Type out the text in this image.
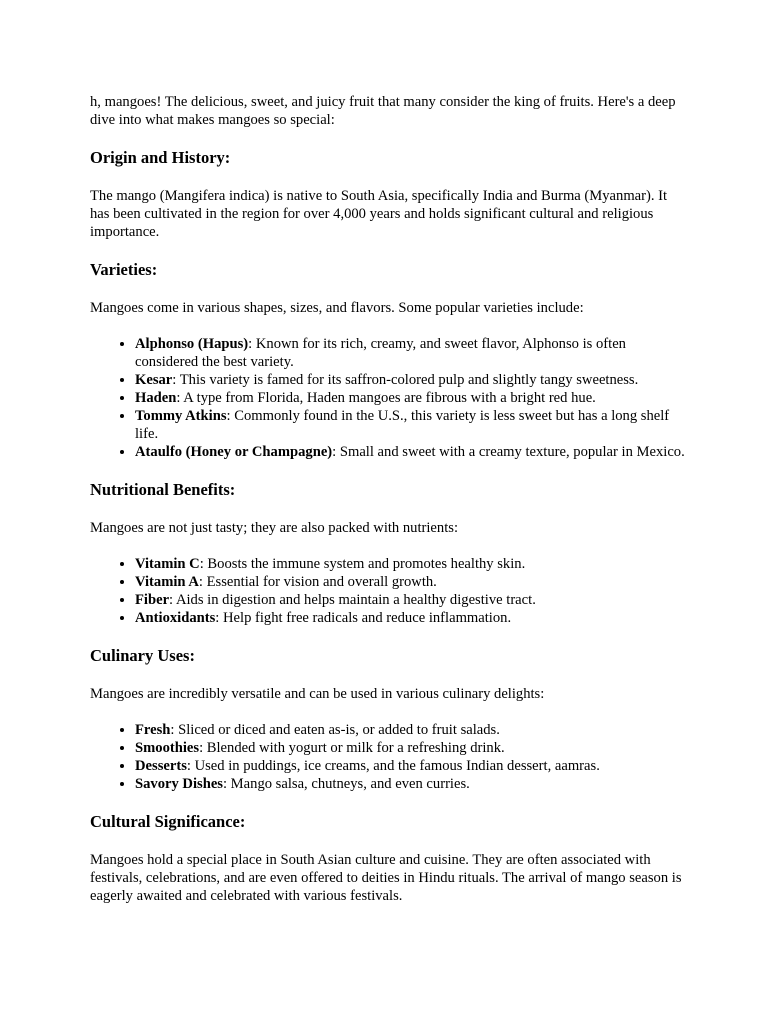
h, mangoes! The delicious, sweet, and juicy fruit that many consider the king of fruits. Here's a deep dive into what makes mangoes so special:

Origin and History:

The mango (Mangifera indica) is native to South Asia, specifically India and Burma (Myanmar). It has been cultivated in the region for over 4,000 years and holds significant cultural and religious importance.

Varieties:

Mangoes come in various shapes, sizes, and flavors. Some popular varieties include:

• Alphonso (Hapus): Known for its rich, creamy, and sweet flavor, Alphonso is often considered the best variety.
• Kesar: This variety is famed for its saffron-colored pulp and slightly tangy sweetness.
• Haden: A type from Florida, Haden mangoes are fibrous with a bright red hue.
• Tommy Atkins: Commonly found in the U.S., this variety is less sweet but has a long shelf life.
• Ataulfo (Honey or Champagne): Small and sweet with a creamy texture, popular in Mexico.
Nutritional Benefits:

Mangoes are not just tasty; they are also packed with nutrients:

• Vitamin C: Boosts the immune system and promotes healthy skin.
• Vitamin A: Essential for vision and overall growth.
• Fiber: Aids in digestion and helps maintain a healthy digestive tract.
• Antioxidants: Help fight free radicals and reduce inflammation.
Culinary Uses:

Mangoes are incredibly versatile and can be used in various culinary delights:

• Fresh: Sliced or diced and eaten as-is, or added to fruit salads.
• Smoothies: Blended with yogurt or milk for a refreshing drink.
• Desserts: Used in puddings, ice creams, and the famous Indian dessert, aamras.
• Savory Dishes: Mango salsa, chutneys, and even curries.
Cultural Significance:

Mangoes hold a special place in South Asian culture and cuisine. They are often associated with festivals, celebrations, and are even offered to deities in Hindu rituals. The arrival of mango season is eagerly awaited and celebrated with various festivals.
